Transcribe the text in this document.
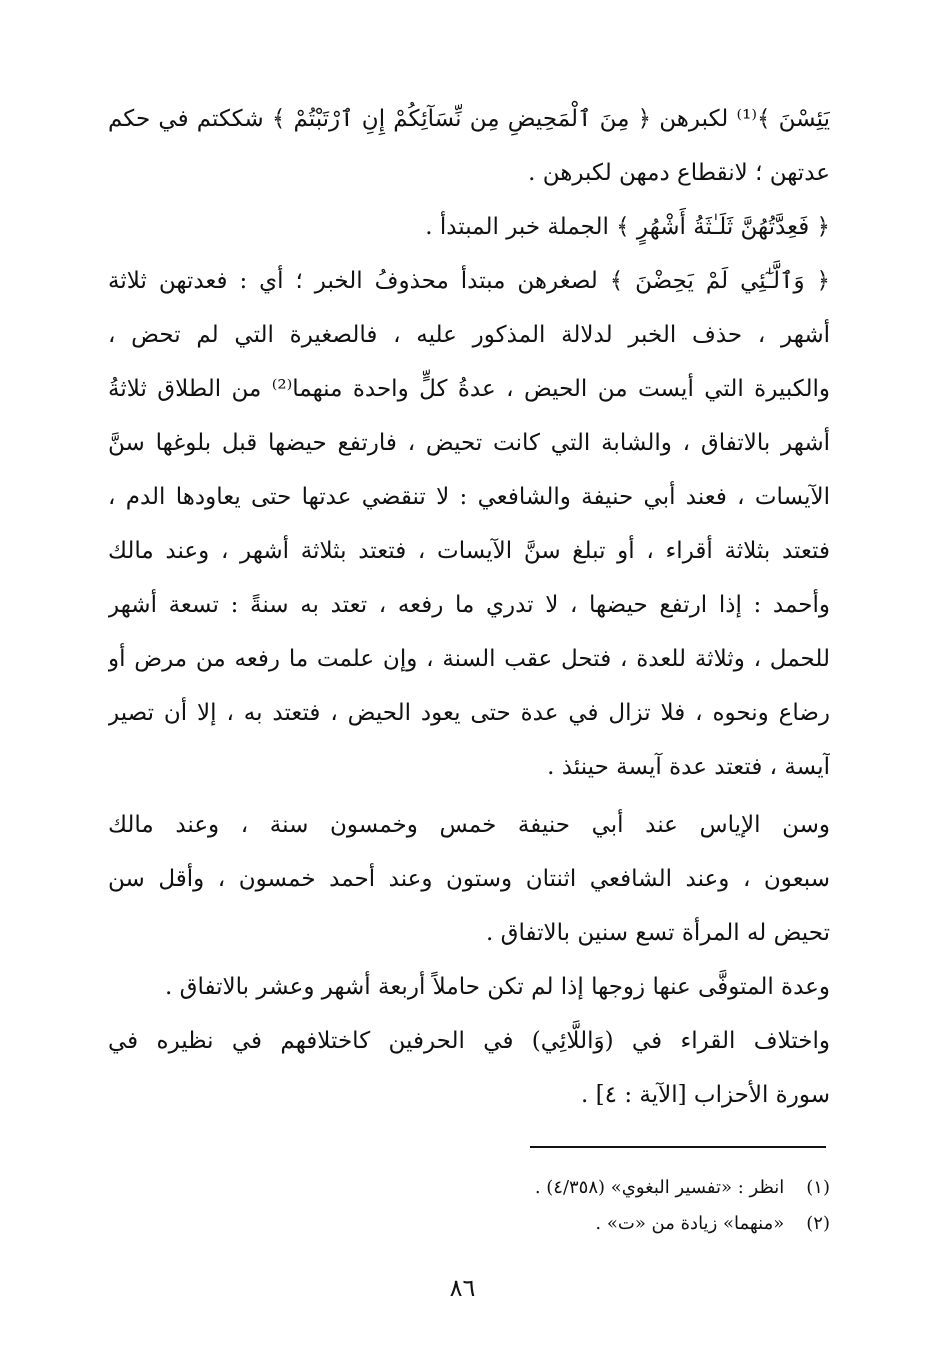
يَئِسْنَ ﴾⁽¹⁾ لكبرهن ﴿ مِنَ ٱلْمَحِيضِ مِن نِّسَآئِكُمْ إِنِ ٱرْتَبْتُمْ ﴾ شككتم في حكم
عدتهن ؛ لانقطاع دمهن لكبرهن .
﴿ فَعِدَّتُهُنَّ ثَلَـٰثَةُ أَشْهُرٍ ﴾ الجملة خبر المبتدأ .
﴿ وَٱلَّـٰٓئِي لَمْ يَحِضْنَ ﴾ لصغرهن مبتدأ محذوفُ الخبر ؛ أي : فعدتهن ثلاثة
أشهر ، حذف الخبر لدلالة المذكور عليه ، فالصغيرة التي لم تحض ،
والكبيرة التي أيست من الحيض ، عدةُ كلٍّ واحدة منهما⁽²⁾ من الطلاق ثلاثةُ
أشهر بالاتفاق ، والشابة التي كانت تحيض ، فارتفع حيضها قبل بلوغها سنَّ
الآيسات ، فعند أبي حنيفة والشافعي : لا تنقضي عدتها حتى يعاودها الدم ،
فتعتد بثلاثة أقراء ، أو تبلغ سنَّ الآيسات ، فتعتد بثلاثة أشهر ، وعند مالك
وأحمد : إذا ارتفع حيضها ، لا تدري ما رفعه ، تعتد به سنةً : تسعة أشهر
للحمل ، وثلاثة للعدة ، فتحل عقب السنة ، وإن علمت ما رفعه من مرض أو
رضاع ونحوه ، فلا تزال في عدة حتى يعود الحيض ، فتعتد به ، إلا أن تصير
آيسة ، فتعتد عدة آيسة حينئذ .
وسن الإياس عند أبي حنيفة خمس وخمسون سنة ، وعند مالك
سبعون ، وعند الشافعي اثنتان وستون وعند أحمد خمسون ، وأقل سن
تحيض له المرأة تسع سنين بالاتفاق .
وعدة المتوفَّى عنها زوجها إذا لم تكن حاملاً أربعة أشهر وعشر بالاتفاق .
واختلاف القراء في (وَاللَّائِي) في الحرفين كاختلافهم في نظيره في
سورة الأحزاب [الآية : ٤] .
(١) انظر : «تفسير البغوي» (٤/٣٥٨) .
(٢) «منهما» زيادة من «ت» .
٨٦
